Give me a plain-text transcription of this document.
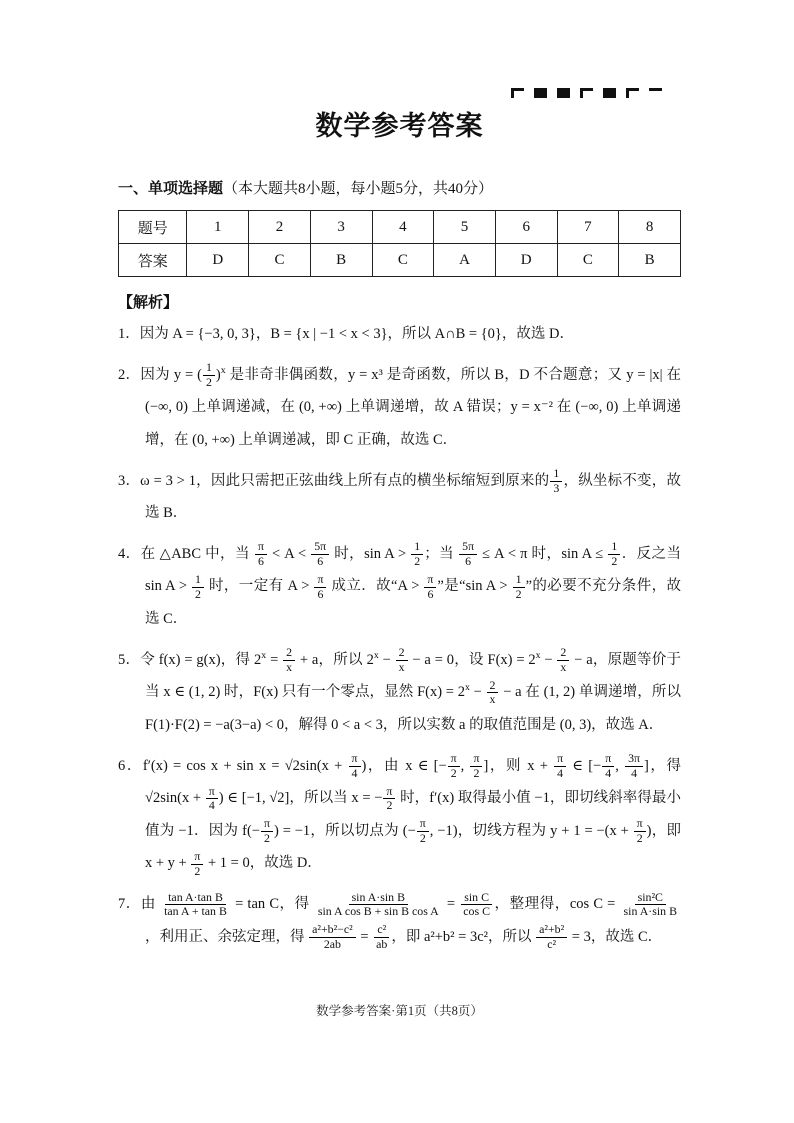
数学参考答案
一、单项选择题（本大题共8小题，每小题5分，共40分）
题号	1	2	3	4	5	6	7	8
答案	D	C	B	C	A	D	C	B
【解析】

1．因为 A = {−3, 0, 3}，B = {x | −1 < x < 3}，所以 A∩B = {0}，故选 D．

2．因为 y = ( $\frac{1}{2} )^x$ 是非奇非偶函数，y = x³ 是奇函数，所以 B，D 不合题意；又 y = |x| 在 (−∞, 0) 上单调递减，在 (0, +∞) 上单调递增，故 A 错误；y = x⁻² 在 (−∞, 0) 上单调递增，在 (0, +∞) 上单调递减，即 C 正确，故选 C．

3．ω = 3 > 1，因此只需把正弦曲线上所有点的横坐标缩短到原来的 $\frac{1}{3}$ ，纵坐标不变，故选 B．

4．在 △ABC 中，当 $\frac{\pi}{6} < A < \frac{5\pi}{6}$ 时，$\sin A > \frac{1}{2}$ ；当 $\frac{5\pi}{6} \le A < \pi$ 时，$\sin A \le \frac{1}{2}$ ．反之当 $\sin A > \frac{1}{2}$ 时，一定有 $A > \frac{\pi}{6}$ 成立．故“$A > \frac{\pi}{6}$ ”是“sin $A > \frac{1}{2}$ ”的必要不充分条件，故选 C．

5．令 f(x) = g(x)，得 $2^x = \frac{2}{x} + a$，所以 $2^x - \frac{2}{x} - a = 0$，设 $F(x) = 2^x - \frac{2}{x} - a$，原题等价于当 x ∈ (1, 2) 时，F(x) 只有一个零点，显然 $F(x) = 2^x - \frac{2}{x} - a$ 在 (1, 2) 单调递增，所以 F(1)·F(2) = −a(3−a) < 0，解得 0 < a < 3，所以实数 a 的取值范围是 (0, 3)，故选 A．

6．$f'(x) = \cos x + \sin x = √2\sin(x + \frac{\pi}{4}$ )，由 x ∈ [− $\frac{\pi}{2}$ , $\frac{\pi}{2}$ ]，则 $x + \frac{\pi}{4}$ ∈ [− $\frac{\pi}{4}$ , $\frac{3\pi}{4}$ ]，得 $√2\sin(x + \frac{\pi}{4}$ ) ∈ [−1, √2]，所以当 x = − $\frac{\pi}{2}$ 时，f′(x) 取得最小值 −1，即切线斜率得最小值为 −1．因为 $f(- \frac{\pi}{2}$ ) = −1，所以切点为 (− $\frac{\pi}{2}$ , −1)，切线方程为 $y + 1 = -(x + \frac{\pi}{2}$ )，即 $x + y + \frac{\pi}{2} + 1 = 0$，故选 D．

7．由 $\frac{\text{tan A·tan B}}{\text{tan A + tan B}} = \tan C$，得 $\frac{\text{sin A·sin B}}{\text{sin A cos B + sin B cos A}} = \frac{\text{sin C}}{\text{cos C}}$ ，整理得，$\cos C = \frac{\text{sin²C}}{\text{sin A·sin B}}$
，利用正、余弦定理，得 $\frac{\text{a²+b²−c²}}{2ab} = \frac{\text{c²}}{ab}$ ，即 a²+b² = 3c²，所以 $\frac{\text{a²+b²}}{\text{c²}} = 3$，故选 C．

数学参考答案·第1页（共8页）
